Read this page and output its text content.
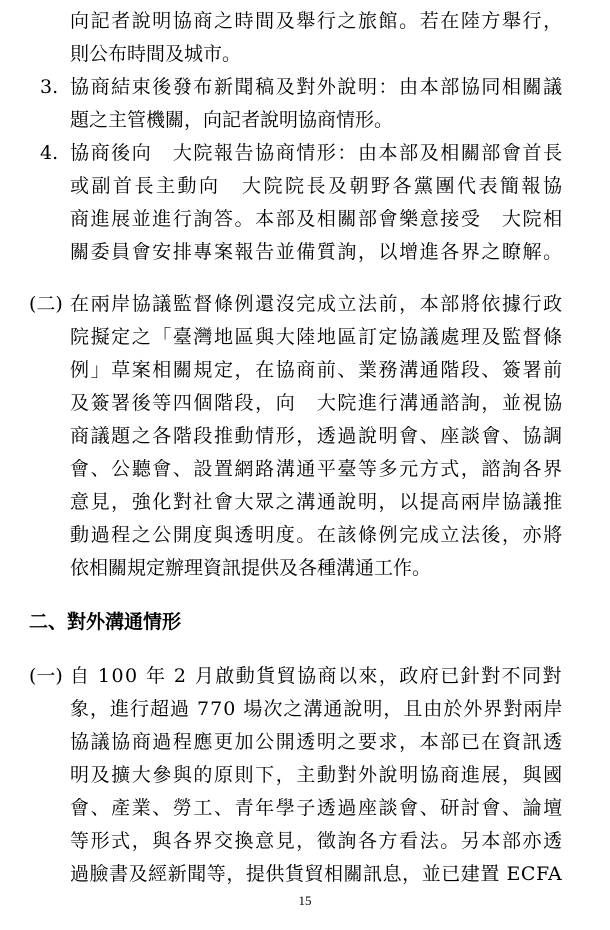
向記者說明協商之時間及舉行之旅館。若在陸方舉行，
則公布時間及城市。
3. 協商結束後發布新聞稿及對外說明：由本部協同相關議
題之主管機關，向記者說明協商情形。
4. 協商後向　大院報告協商情形：由本部及相關部會首長
或副首長主動向　大院院長及朝野各黨團代表簡報協
商進展並進行詢答。本部及相關部會樂意接受　大院相
關委員會安排專案報告並備質詢，以增進各界之瞭解。
(二) 在兩岸協議監督條例還沒完成立法前，本部將依據行政
院擬定之「臺灣地區與大陸地區訂定協議處理及監督條
例」草案相關規定，在協商前、業務溝通階段、簽署前
及簽署後等四個階段，向　大院進行溝通諮詢，並視協
商議題之各階段推動情形，透過說明會、座談會、協調
會、公聽會、設置網路溝通平臺等多元方式，諮詢各界
意見，強化對社會大眾之溝通說明，以提高兩岸協議推
動過程之公開度與透明度。在該條例完成立法後，亦將
依相關規定辦理資訊提供及各種溝通工作。
二、對外溝通情形
(一) 自 100 年 2 月啟動貨貿協商以來，政府已針對不同對
象，進行超過 770 場次之溝通說明，且由於外界對兩岸
協議協商過程應更加公開透明之要求，本部已在資訊透
明及擴大參與的原則下，主動對外說明協商進展，與國
會、產業、勞工、青年學子透過座談會、研討會、論壇
等形式，與各界交換意見，徵詢各方看法。另本部亦透
過臉書及經新聞等，提供貨貿相關訊息，並已建置 ECFA
15
